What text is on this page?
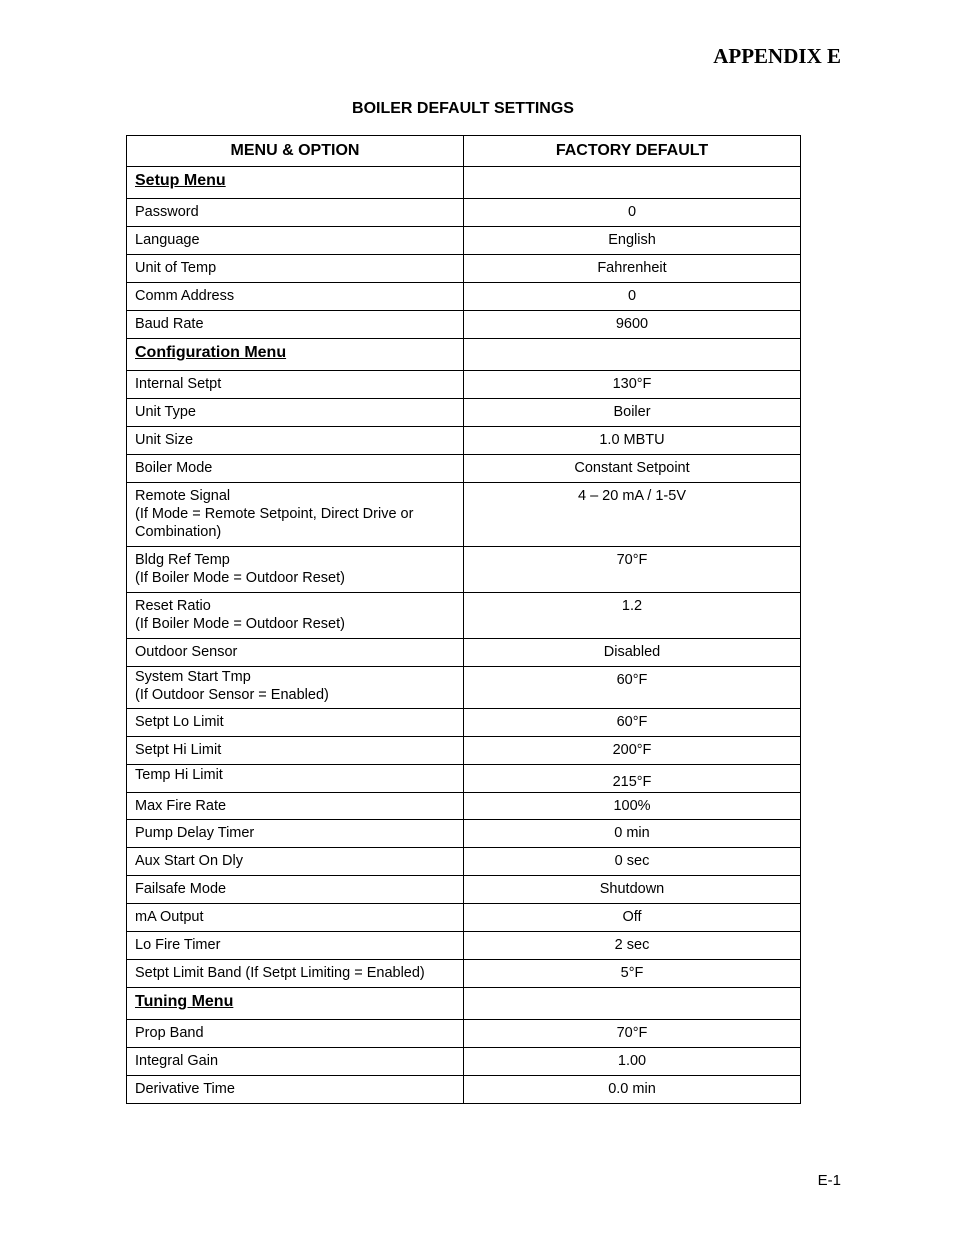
APPENDIX E
BOILER DEFAULT SETTINGS
MENU & OPTION	FACTORY DEFAULT
Setup Menu	
Password	0
Language	English
Unit of Temp	Fahrenheit
Comm Address	0
Baud Rate	9600
Configuration Menu	
Internal Setpt	130°F
Unit Type	Boiler
Unit Size	1.0 MBTU
Boiler Mode	Constant Setpoint

Remote Signal
(If Mode = Remote Setpoint, Direct Drive or
Combination)	4 – 20 mA / 1-5V

Bldg Ref Temp
(If Boiler Mode = Outdoor Reset)	70°F

Reset Ratio
(If Boiler Mode = Outdoor Reset)	1.2
Outdoor Sensor	Disabled

System Start Tmp
(If Outdoor Sensor = Enabled)	60°F
Setpt Lo Limit	60°F
Setpt Hi Limit	200°F
Temp Hi Limit	215°F
Max Fire Rate	100%
Pump Delay Timer	0 min
Aux Start On Dly	0 sec
Failsafe Mode	Shutdown
mA Output	Off
Lo Fire Timer	2 sec
Setpt Limit Band (If Setpt Limiting = Enabled)	5°F
Tuning Menu	
Prop Band	70°F
Integral Gain	1.00
Derivative Time	0.0 min

E-1
